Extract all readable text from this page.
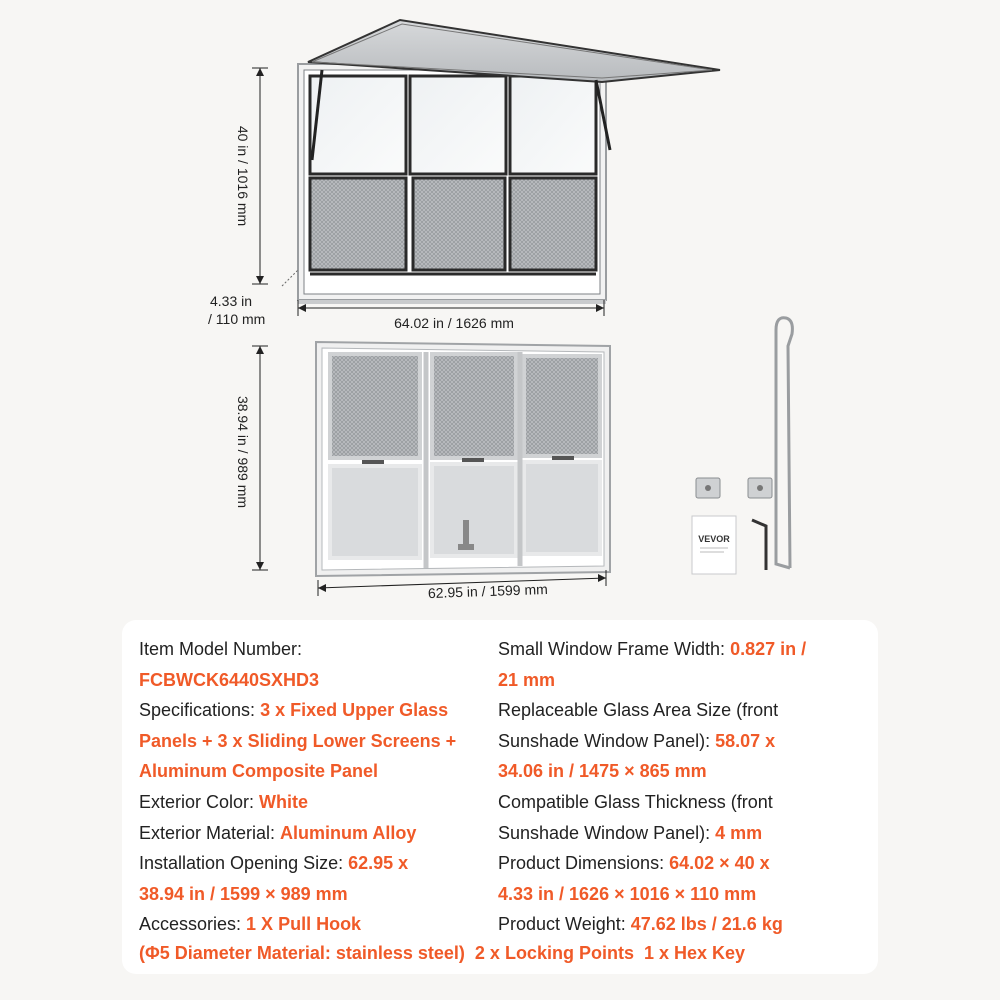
40 in / 1016 mm
4.33 in
/ 110 mm	64.02 in / 1626 mm
38.94 in / 989 mm
62.95 in / 1599 mm
VEVOR
Item Model Number:
FCBWCK6440SXHD3
Specifications: 3 x Fixed Upper Glass
Panels + 3 x Sliding Lower Screens +
Aluminum Composite Panel
Exterior Color: White
Exterior Material: Aluminum Alloy
Installation Opening Size: 62.95 x
38.94 in / 1599 × 989 mm
Accessories: 1 X Pull Hook
Small Window Frame Width: 0.827 in /
21 mm
Replaceable Glass Area Size (front
Sunshade Window Panel): 58.07 x
34.06 in / 1475 × 865 mm
Compatible Glass Thickness (front
Sunshade Window Panel): 4 mm
Product Dimensions: 64.02 × 40 x
4.33 in / 1626 × 1016 × 110 mm
Product Weight: 47.62 lbs / 21.6 kg
(Φ5 Diameter Material: stainless steel) 2 x Locking Points 1 x Hex Key
